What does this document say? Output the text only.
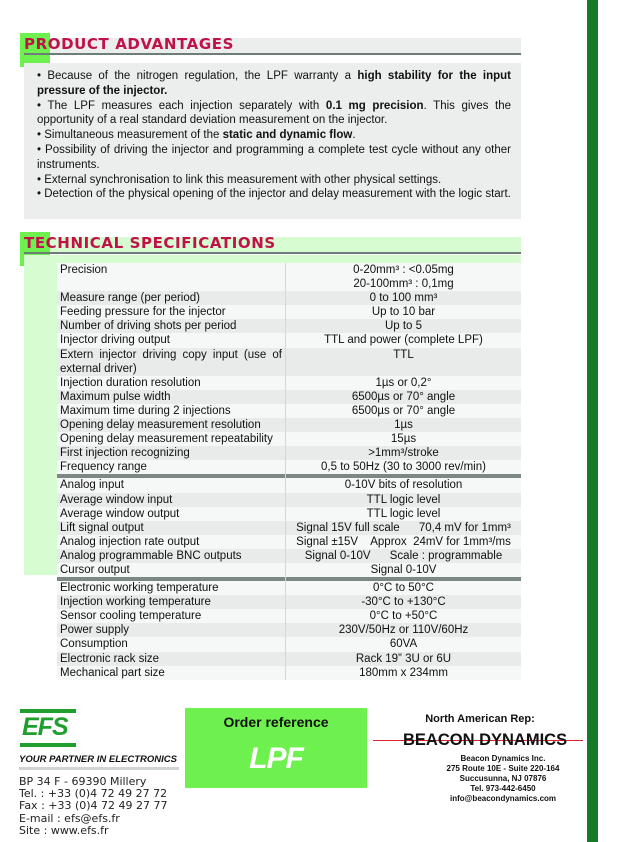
PRODUCT ADVANTAGES

• Because of the nitrogen regulation, the LPF warranty a high stability for the input pressure of the injector.

• The LPF measures each injection separately with 0.1 mg precision. This gives the opportunity of a real standard deviation measurement on the injector.

• Simultaneous measurement of the static and dynamic flow.

• Possibility of driving the injector and programming a complete test cycle without any other instruments.

• External synchronisation to link this measurement with other physical settings.

• Detection of the physical opening of the injector and delay measurement with the logic start.

TECHNICAL SPECIFICATIONS
Precision	0-20mm³ : <0.05mg
20-100mm³ : 0,1mg

Measure range (per period)	0 to 100 mm³

Feeding pressure for the injector	Up to 10 bar

Number of driving shots per period	Up to 5

Injector driving output	TTL and power (complete LPF)

Extern injector driving copy input (use of external driver)	TTL

Injection duration resolution	1µs or 0,2°

Maximum pulse width	6500µs or 70° angle

Maximum time during 2 injections	6500µs or 70° angle

Opening delay measurement resolution	1µs

Opening delay measurement repeatability	15µs

First injection recognizing	>1mm³/stroke

Frequency range	0,5 to 50Hz (30 to 3000 rev/min)

Analog input	0-10V bits of resolution

Average window input	TTL logic level

Average window output	TTL logic level

Lift signal output	Signal 15V full scale      70,4 mV for 1mm³

Analog injection rate output	Signal ±15V    Approx  24mV for 1mm³/ms

Analog programmable BNC outputs	Signal 0-10V      Scale : programmable

Cursor output	Signal 0-10V

Electronic working temperature	0°C to 50°C

Injection working temperature	-30°C to +130°C

Sensor cooling temperature	0°C to +50°C

Power supply	230V/50Hz or 110V/60Hz

Consumption	60VA

Electronic rack size	Rack 19” 3U or 6U

Mechanical part size	180mm x 234mm
EFS
YOUR PARTNER IN ELECTRONICS
BP 34 F - 69390 Millery
Tel. : +33 (0)4 72 49 27 72
Fax : +33 (0)4 72 49 27 77
E-mail : efs@efs.fr
Site : www.efs.fr
Order reference
LPF
North American Rep:
BEACON DYNAMICS
Beacon Dynamics Inc.
275 Route 10E - Suite 220-164
Succusunna, NJ 07876
Tel. 973-442-6450
info@beacondynamics.com
